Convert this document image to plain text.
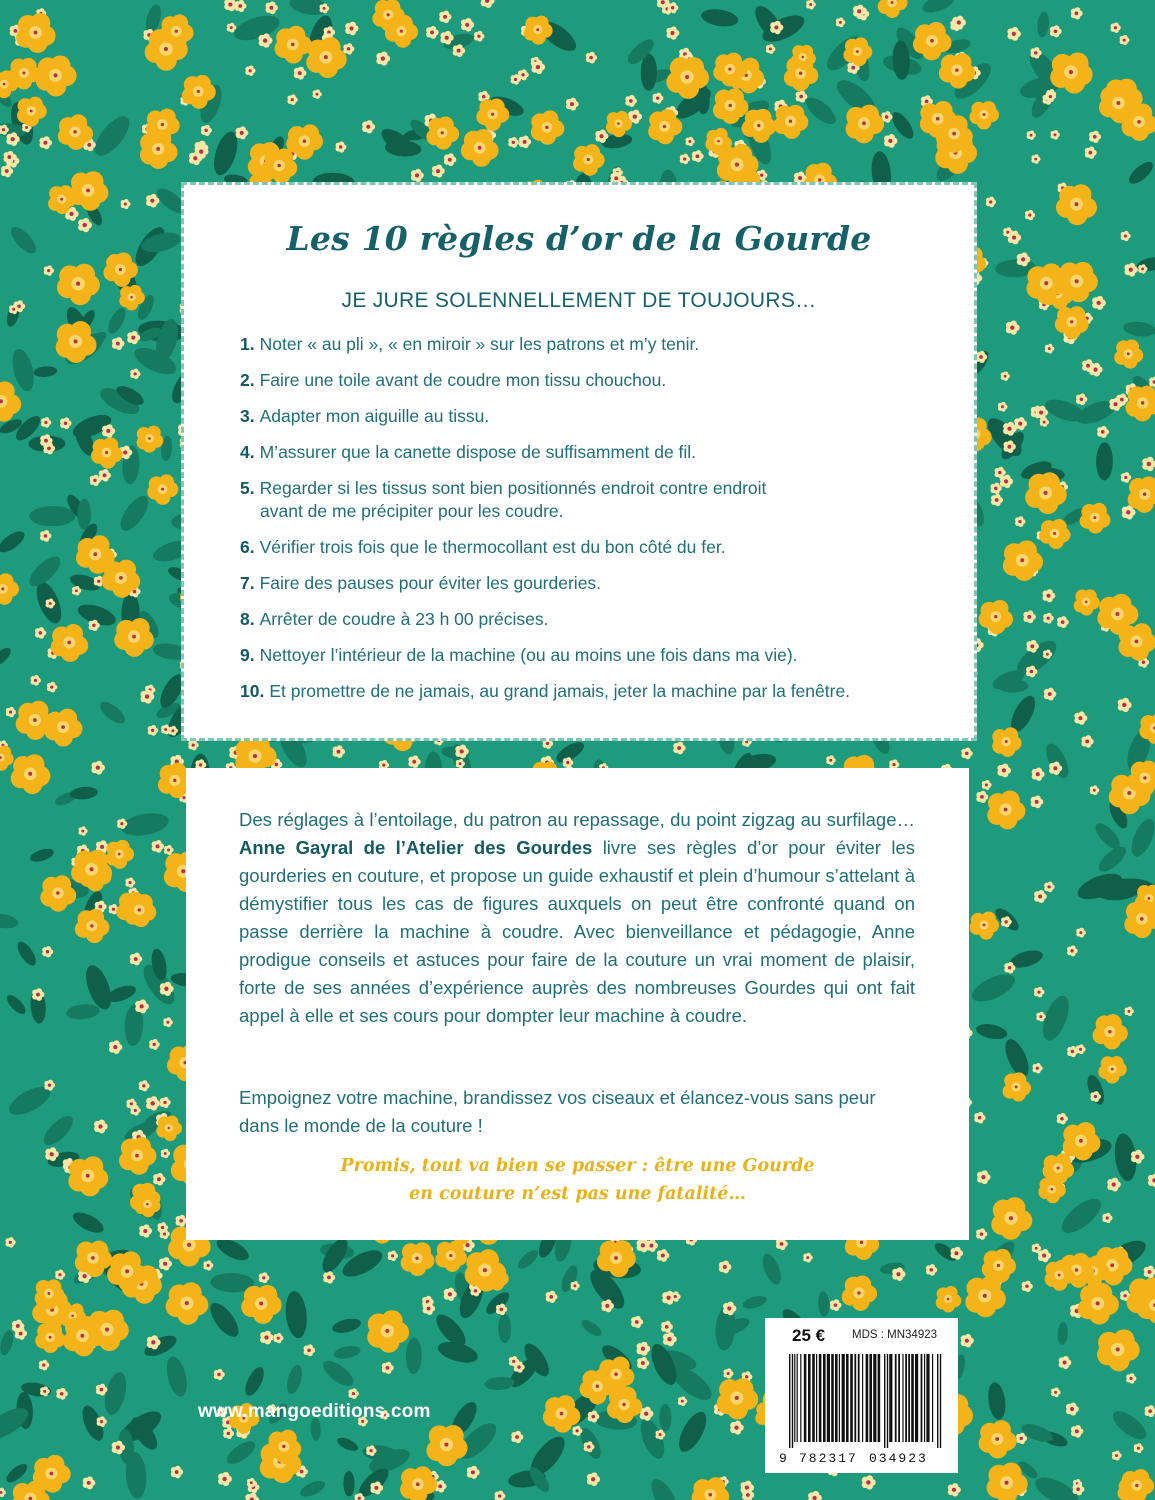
Les 10 règles d’or de la Gourde
JE JURE SOLENNELLEMENT DE TOUJOURS…
1. Noter « au pli », « en miroir » sur les patrons et m’y tenir.
2. Faire une toile avant de coudre mon tissu chouchou.
3. Adapter mon aiguille au tissu.
4. M’assurer que la canette dispose de suffisamment de fil.
5. Regarder si les tissus sont bien positionnés endroit contre endroit
avant de me précipiter pour les coudre.
6. Vérifier trois fois que le thermocollant est du bon côté du fer.
7. Faire des pauses pour éviter les gourderies.
8. Arrêter de coudre à 23 h 00 précises.
9. Nettoyer l’intérieur de la machine (ou au moins une fois dans ma vie).
10. Et promettre de ne jamais, au grand jamais, jeter la machine par la fenêtre.

Des réglages à l’entoilage, du patron au repassage, du point zigzag au surfilage… Anne Gayral de l’Atelier des Gourdes livre ses règles d’or pour éviter les gourderies en couture, et propose un guide exhaustif et plein d’humour s’attelant à démystifier tous les cas de figures auxquels on peut être confronté quand on passe derrière la machine à coudre. Avec bienveillance et pédagogie, Anne prodigue conseils et astuces pour faire de la couture un vrai moment de plaisir, forte de ses années d’expérience auprès des nombreuses Gourdes qui ont fait appel à elle et ses cours pour dompter leur machine à coudre.

Empoignez votre machine, brandissez vos ciseaux et élancez-vous sans peur dans le monde de la couture !

Promis, tout va bien se passer : être une Gourde
en couture n’est pas une fatalité…
25 € MDS : MN34923
9 782317 034923
www.mangoeditions.com
